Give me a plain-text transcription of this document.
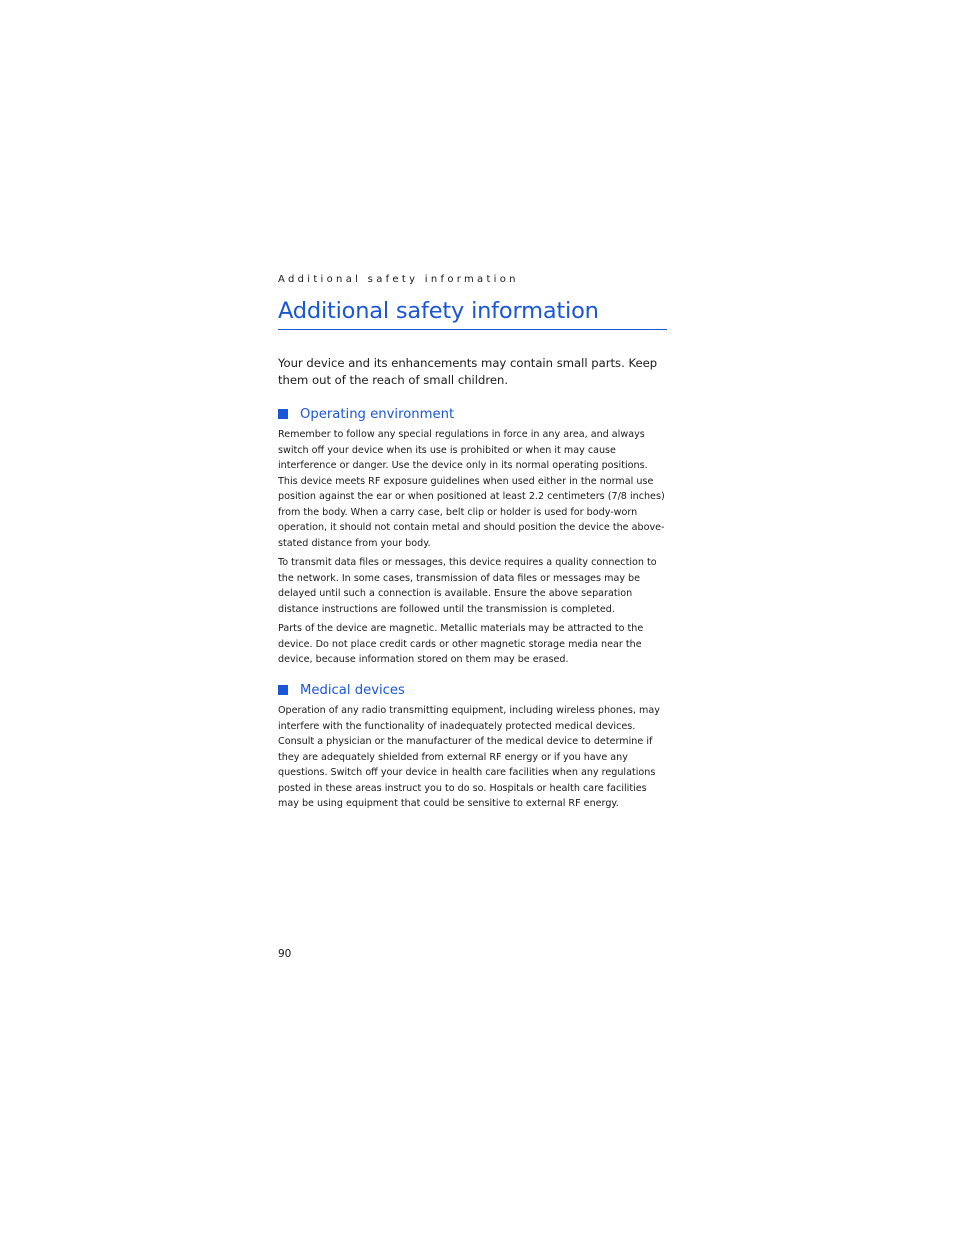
Additional safety information
Additional safety information

Your device and its enhancements may contain small parts. Keep them out of the reach of small children.

Operating environment

Remember to follow any special regulations in force in any area, and always switch off your device when its use is prohibited or when it may cause interference or danger. Use the device only in its normal operating positions. This device meets RF exposure guidelines when used either in the normal use position against the ear or when positioned at least 2.2 centimeters (7/8 inches) from the body. When a carry case, belt clip or holder is used for body-worn operation, it should not contain metal and should position the device the above-stated distance from your body.

To transmit data files or messages, this device requires a quality connection to the network. In some cases, transmission of data files or messages may be delayed until such a connection is available. Ensure the above separation distance instructions are followed until the transmission is completed.

Parts of the device are magnetic. Metallic materials may be attracted to the device. Do not place credit cards or other magnetic storage media near the device, because information stored on them may be erased.

Medical devices

Operation of any radio transmitting equipment, including wireless phones, may interfere with the functionality of inadequately protected medical devices. Consult a physician or the manufacturer of the medical device to determine if they are adequately shielded from external RF energy or if you have any questions. Switch off your device in health care facilities when any regulations posted in these areas instruct you to do so. Hospitals or health care facilities may be using equipment that could be sensitive to external RF energy.

90
